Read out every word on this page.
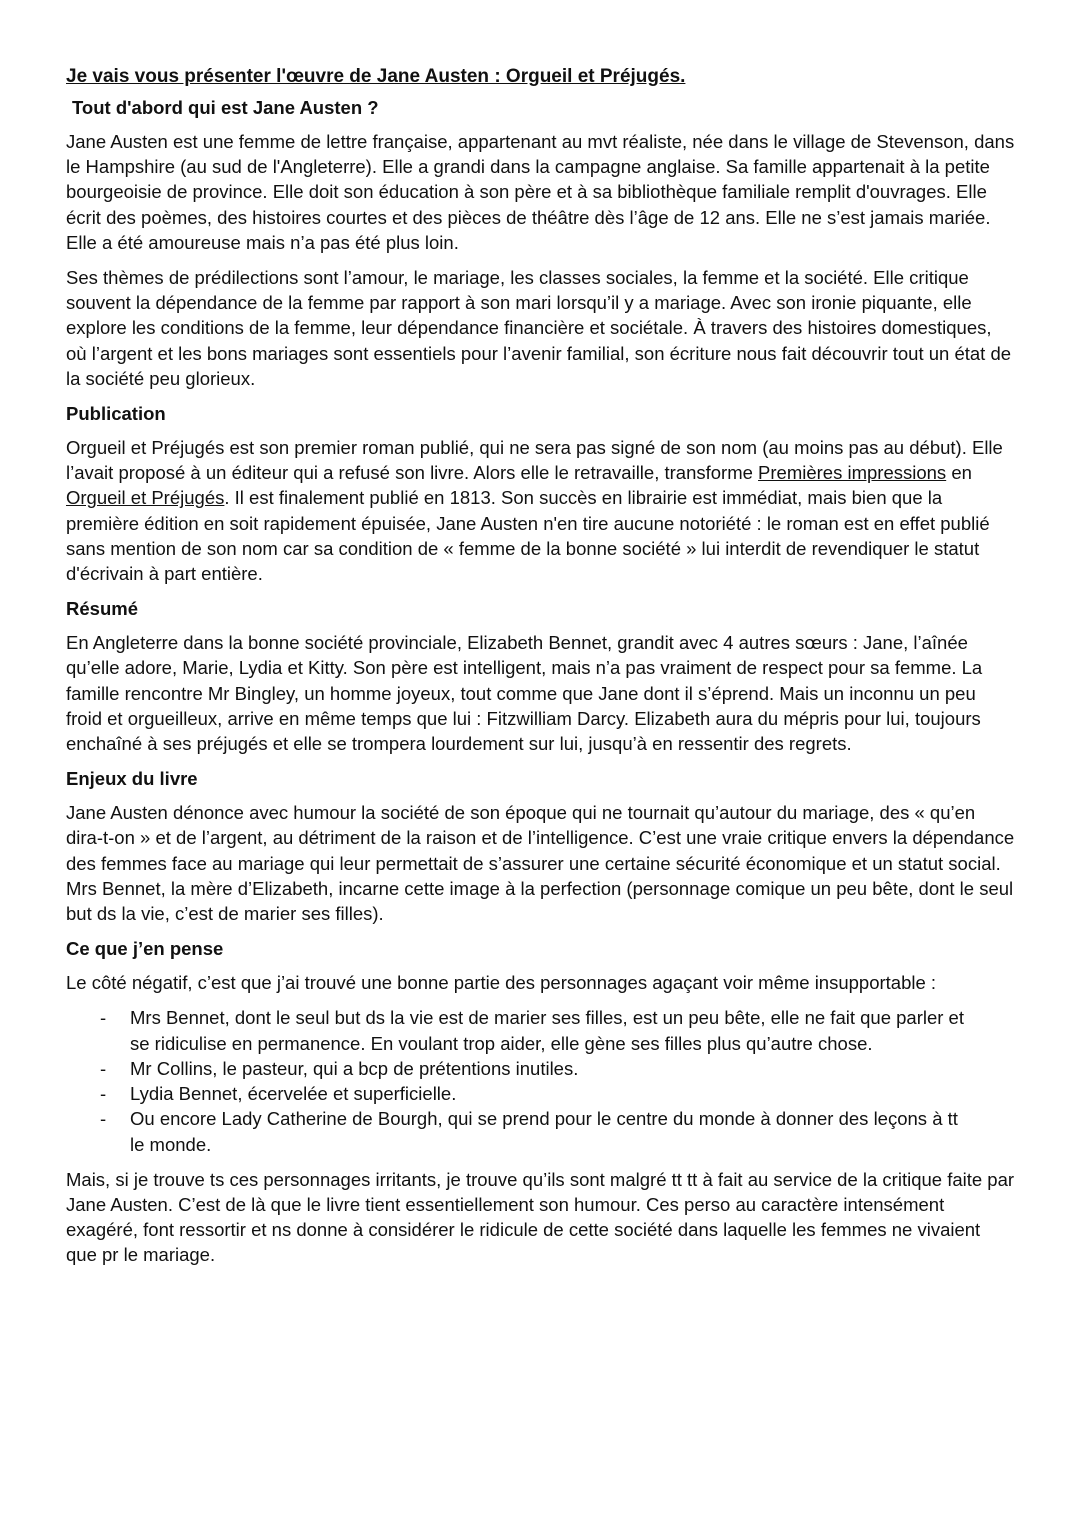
Je vais vous présenter l'œuvre de Jane Austen : Orgueil et Préjugés.
Tout d'abord qui est Jane Austen ?

Jane Austen est une femme de lettre française, appartenant au mvt réaliste, née dans le village de Stevenson, dans le Hampshire (au sud de l'Angleterre). Elle a grandi dans la campagne anglaise. Sa famille appartenait à la petite bourgeoisie de province. Elle doit son éducation à son père et à sa bibliothèque familiale remplit d'ouvrages. Elle écrit des poèmes, des histoires courtes et des pièces de théâtre dès l’âge de 12 ans. Elle ne s’est jamais mariée. Elle a été amoureuse mais n’a pas été plus loin.

Ses thèmes de prédilections sont l’amour, le mariage, les classes sociales, la femme et la société. Elle critique souvent la dépendance de la femme par rapport à son mari lorsqu’il y a mariage. Avec son ironie piquante, elle explore les conditions de la femme, leur dépendance financière et sociétale. À travers des histoires domestiques, où l’argent et les bons mariages sont essentiels pour l’avenir familial, son écriture nous fait découvrir tout un état de la société peu glorieux.

Publication

Orgueil et Préjugés est son premier roman publié, qui ne sera pas signé de son nom (au moins pas au début). Elle l’avait proposé à un éditeur qui a refusé son livre. Alors elle le retravaille, transforme Premières impressions en Orgueil et Préjugés. Il est finalement publié en 1813. Son succès en librairie est immédiat, mais bien que la première édition en soit rapidement épuisée, Jane Austen n'en tire aucune notoriété : le roman est en effet publié sans mention de son nom car sa condition de « femme de la bonne société » lui interdit de revendiquer le statut d'écrivain à part entière.

Résumé

En Angleterre dans la bonne société provinciale, Elizabeth Bennet, grandit avec 4 autres sœurs : Jane, l’aînée qu’elle adore, Marie, Lydia et Kitty. Son père est intelligent, mais n’a pas vraiment de respect pour sa femme. La famille rencontre Mr Bingley, un homme joyeux, tout comme que Jane dont il s’éprend. Mais un inconnu un peu froid et orgueilleux, arrive en même temps que lui : Fitzwilliam Darcy. Elizabeth aura du mépris pour lui, toujours enchaîné à ses préjugés et elle se trompera lourdement sur lui, jusqu’à en ressentir des regrets.

Enjeux du livre

Jane Austen dénonce avec humour la société de son époque qui ne tournait qu’autour du mariage, des « qu’en dira-t-on » et de l’argent, au détriment de la raison et de l’intelligence. C’est une vraie critique envers la dépendance des femmes face au mariage qui leur permettait de s’assurer une certaine sécurité économique et un statut social. Mrs Bennet, la mère d’Elizabeth, incarne cette image à la perfection (personnage comique un peu bête, dont le seul but ds la vie, c’est de marier ses filles).

Ce que j’en pense

Le côté négatif, c’est que j’ai trouvé une bonne partie des personnages agaçant voir même insupportable :

- Mrs Bennet, dont le seul but ds la vie est de marier ses filles, est un peu bête, elle ne fait que parler et se ridiculise en permanence. En voulant trop aider, elle gène ses filles plus qu’autre chose.
- Mr Collins, le pasteur, qui a bcp de prétentions inutiles.
- Lydia Bennet, écervelée et superficielle.
- Ou encore Lady Catherine de Bourgh, qui se prend pour le centre du monde à donner des leçons à tt le monde.

Mais, si je trouve ts ces personnages irritants, je trouve qu’ils sont malgré tt tt à fait au service de la critique faite par Jane Austen. C’est de là que le livre tient essentiellement son humour. Ces perso au caractère intensément exagéré, font ressortir et ns donne à considérer le ridicule de cette société dans laquelle les femmes ne vivaient que pr le mariage.
